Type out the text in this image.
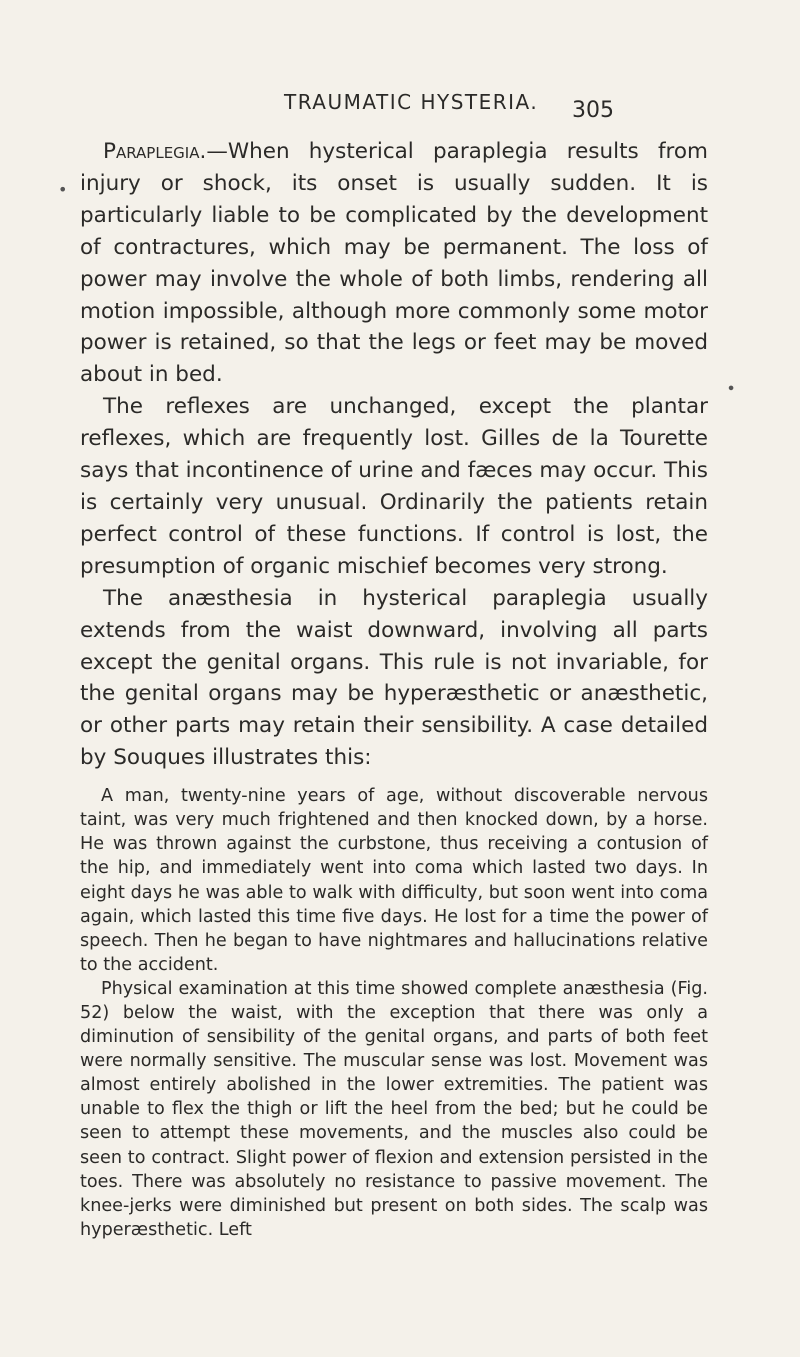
TRAUMATIC HYSTERIA. 305
•
∙

Paraplegia.—When hysterical paraplegia results from injury or shock, its onset is usually sudden. It is particularly liable to be complicated by the development of contractures, which may be permanent. The loss of power may involve the whole of both limbs, rendering all motion impossible, although more commonly some motor power is retained, so that the legs or feet may be moved about in bed.

The reflexes are unchanged, except the plantar reflexes, which are frequently lost. Gilles de la Tourette says that incontinence of urine and fæces may occur. This is certainly very unusual. Ordinarily the patients retain perfect control of these functions. If control is lost, the presumption of organic mischief becomes very strong.

The anæsthesia in hysterical paraplegia usually extends from the waist downward, involving all parts except the genital organs. This rule is not invariable, for the genital organs may be hyperæsthetic or anæsthetic, or other parts may retain their sensibility. A case detailed by Souques illustrates this:

A man, twenty-nine years of age, without discoverable nervous taint, was very much frightened and then knocked down, by a horse. He was thrown against the curbstone, thus receiving a contusion of the hip, and immediately went into coma which lasted two days. In eight days he was able to walk with difficulty, but soon went into coma again, which lasted this time five days. He lost for a time the power of speech. Then he began to have nightmares and hallucinations relative to the accident.

Physical examination at this time showed complete anæsthesia (Fig. 52) below the waist, with the exception that there was only a diminution of sensibility of the genital organs, and parts of both feet were normally sensitive. The muscular sense was lost. Movement was almost entirely abolished in the lower extremities. The patient was unable to flex the thigh or lift the heel from the bed; but he could be seen to attempt these movements, and the muscles also could be seen to contract. Slight power of flexion and extension persisted in the toes. There was absolutely no resistance to passive movement. The knee-jerks were diminished but present on both sides. The scalp was hyperæsthetic. Left
